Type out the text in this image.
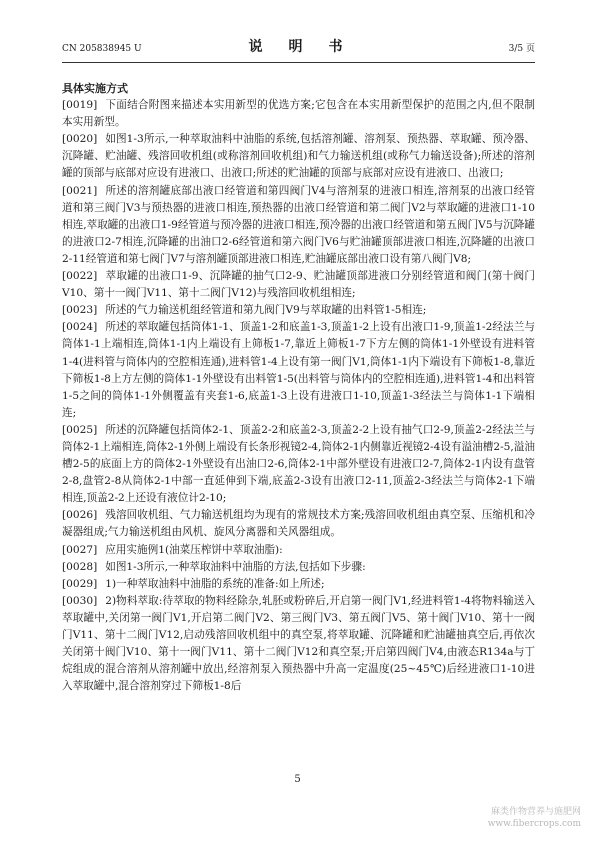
CN 205838945 U	说　明　书	3/5 页

具体实施方式

[0019] 下面结合附图来描述本实用新型的优选方案;它包含在本实用新型保护的范围之内,但不限制本实用新型。

[0020] 如图1-3所示,一种萃取油料中油脂的系统,包括溶剂罐、溶剂泵、预热器、萃取罐、预冷器、沉降罐、贮油罐、残溶回收机组(或称溶剂回收机组)和气力输送机组(或称气力输送设备);所述的溶剂罐的顶部与底部对应设有进液口、出液口;所述的贮油罐的顶部与底部对应设有进液口、出液口;

[0021] 所述的溶剂罐底部出液口经管道和第四阀门V4与溶剂泵的进液口相连,溶剂泵的出液口经管道和第三阀门V3与预热器的进液口相连,预热器的出液口经管道和第二阀门V2与萃取罐的进液口1-10相连,萃取罐的出液口1-9经管道与预冷器的进液口相连,预冷器的出液口经管道和第五阀门V5与沉降罐的进液口2-7相连,沉降罐的出油口2-6经管道和第六阀门V6与贮油罐顶部进液口相连,沉降罐的出液口2-11经管道和第七阀门V7与溶剂罐顶部进液口相连,贮油罐底部出液口设有第八阀门V8;

[0022] 萃取罐的出液口1-9、沉降罐的抽气口2-9、贮油罐顶部进液口分别经管道和阀门(第十阀门V10、第十一阀门V11、第十二阀门V12)与残溶回收机组相连;

[0023] 所述的气力输送机组经管道和第九阀门V9与萃取罐的出料管1-5相连;

[0024] 所述的萃取罐包括筒体1-1、顶盖1-2和底盖1-3,顶盖1-2上设有出液口1-9,顶盖1-2经法兰与筒体1-1上端相连,筒体1-1内上端设有上筛板1-7,靠近上筛板1-7下方左侧的筒体1-1外壁设有进料管1-4(进料管与筒体内的空腔相连通),进料管1-4上设有第一阀门V1,筒体1-1内下端设有下筛板1-8,靠近下筛板1-8上方左侧的筒体1-1外壁设有出料管1-5(出料管与筒体内的空腔相连通),进料管1-4和出料管1-5之间的筒体1-1外侧覆盖有夹套1-6,底盖1-3上设有进液口1-10,顶盖1-3经法兰与筒体1-1下端相连;

[0025] 所述的沉降罐包括筒体2-1、顶盖2-2和底盖2-3,顶盖2-2上设有抽气口2-9,顶盖2-2经法兰与筒体2-1上端相连,筒体2-1外侧上端设有长条形视镜2-4,筒体2-1内侧靠近视镜2-4设有溢油槽2-5,溢油槽2-5的底面上方的筒体2-1外壁设有出油口2-6,筒体2-1中部外壁设有进液口2-7,筒体2-1内设有盘管2-8,盘管2-8从筒体2-1中部一直延伸到下端,底盖2-3设有出液口2-11,顶盖2-3经法兰与筒体2-1下端相连,顶盖2-2上还设有液位计2-10;

[0026] 残溶回收机组、气力输送机组均为现有的常规技术方案;残溶回收机组由真空泵、压缩机和冷凝器组成;气力输送机组由风机、旋风分离器和关风器组成。

[0027] 应用实施例1(油菜压榨饼中萃取油脂):

[0028] 如图1-3所示,一种萃取油料中油脂的方法,包括如下步骤:

[0029] 1)一种萃取油料中油脂的系统的准备:如上所述;

[0030] 2)物料萃取:待萃取的物料经除杂,轧胚或粉碎后,开启第一阀门V1,经进料管1-4将物料输送入萃取罐中,关闭第一阀门V1,开启第二阀门V2、第三阀门V3、第五阀门V5、第十阀门V10、第十一阀门V11、第十二阀门V12,启动残溶回收机组中的真空泵,将萃取罐、沉降罐和贮油罐抽真空后,再依次关闭第十阀门V10、第十一阀门V11、第十二阀门V12和真空泵;开启第四阀门V4,由液态R134a与丁烷组成的混合溶剂从溶剂罐中放出,经溶剂泵入预热器中升高一定温度(25~45℃)后经进液口1-10进入萃取罐中,混合溶剂穿过下筛板1-8后

5
麻类作物营养与施肥网
www.fibercrops.com
